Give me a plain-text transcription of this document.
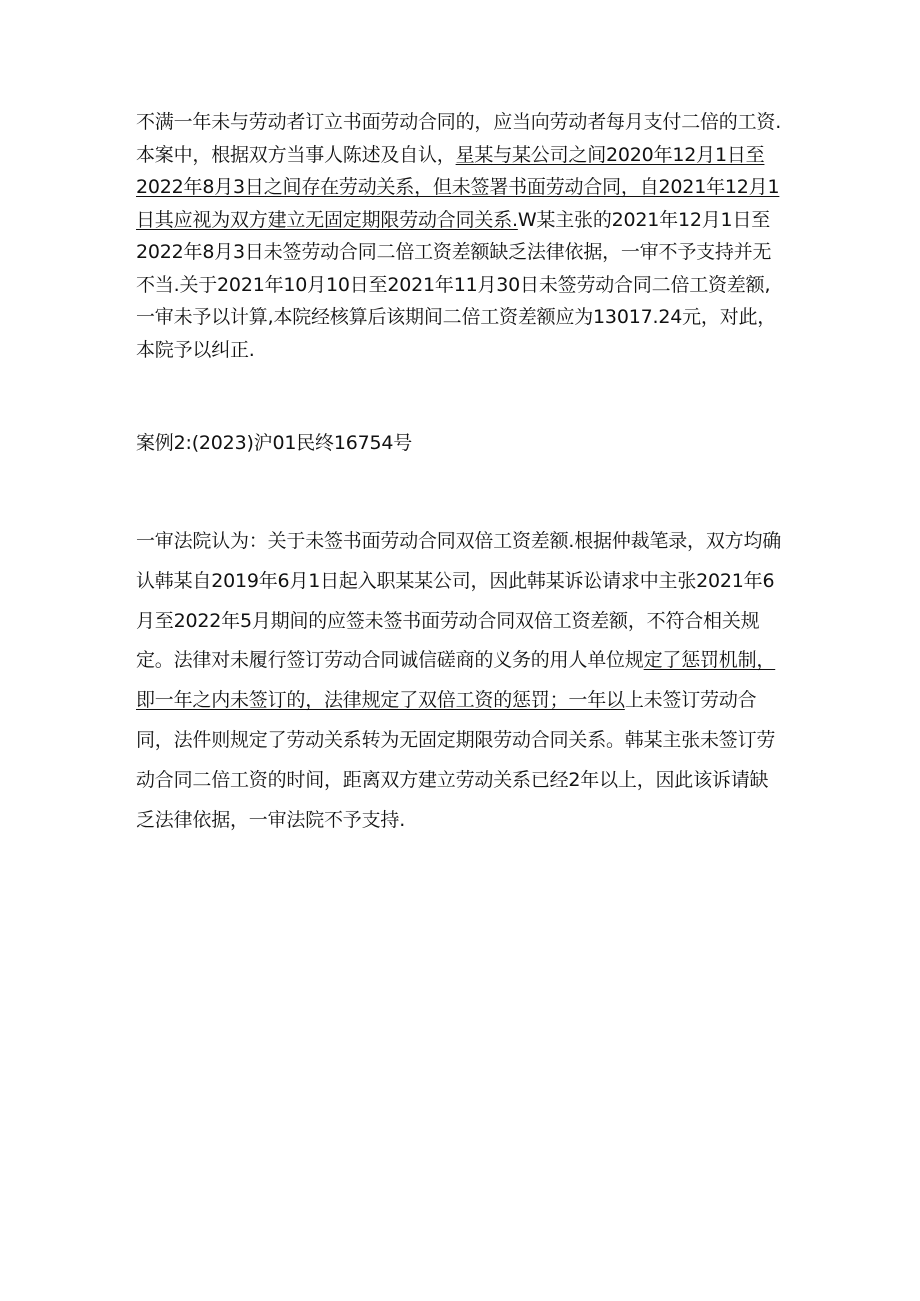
不满一年未与劳动者订立书面劳动合同的，应当向劳动者每月支付二倍的工资.本案中，根据双方当事人陈述及自认，星某与某公司之间2020年12月1日至2022年8月3日之间存在劳动关系，但未签署书面劳动合同，自2021年12月1日其应视为双方建立无固定期限劳动合同关系.W某主张的2021年12月1日至2022年8月3日未签劳动合同二倍工资差额缺乏法律依据，一审不予支持并无不当.关于2021年10月10日至2021年11月30日未签劳动合同二倍工资差额,一审未予以计算,本院经核算后该期间二倍工资差额应为13017.24元，对此，本院予以纠正.

案例2:(2023)沪01民终16754号

一审法院认为：关于未签书面劳动合同双倍工资差额.根据仲裁笔录，双方均确认韩某自2019年6月1日起入职某某公司，因此韩某诉讼请求中主张2021年6月至2022年5月期间的应签未签书面劳动合同双倍工资差额，不符合相关规定。法律对未履行签订劳动合同诚信磋商的义务的用人单位规定了惩罚机制，即一年之内未签订的，法律规定了双倍工资的惩罚；一年以上未签订劳动合同，法件则规定了劳动关系转为无固定期限劳动合同关系。韩某主张未签订劳动合同二倍工资的时间，距离双方建立劳动关系已经2年以上，因此该诉请缺乏法律依据，一审法院不予支持.
